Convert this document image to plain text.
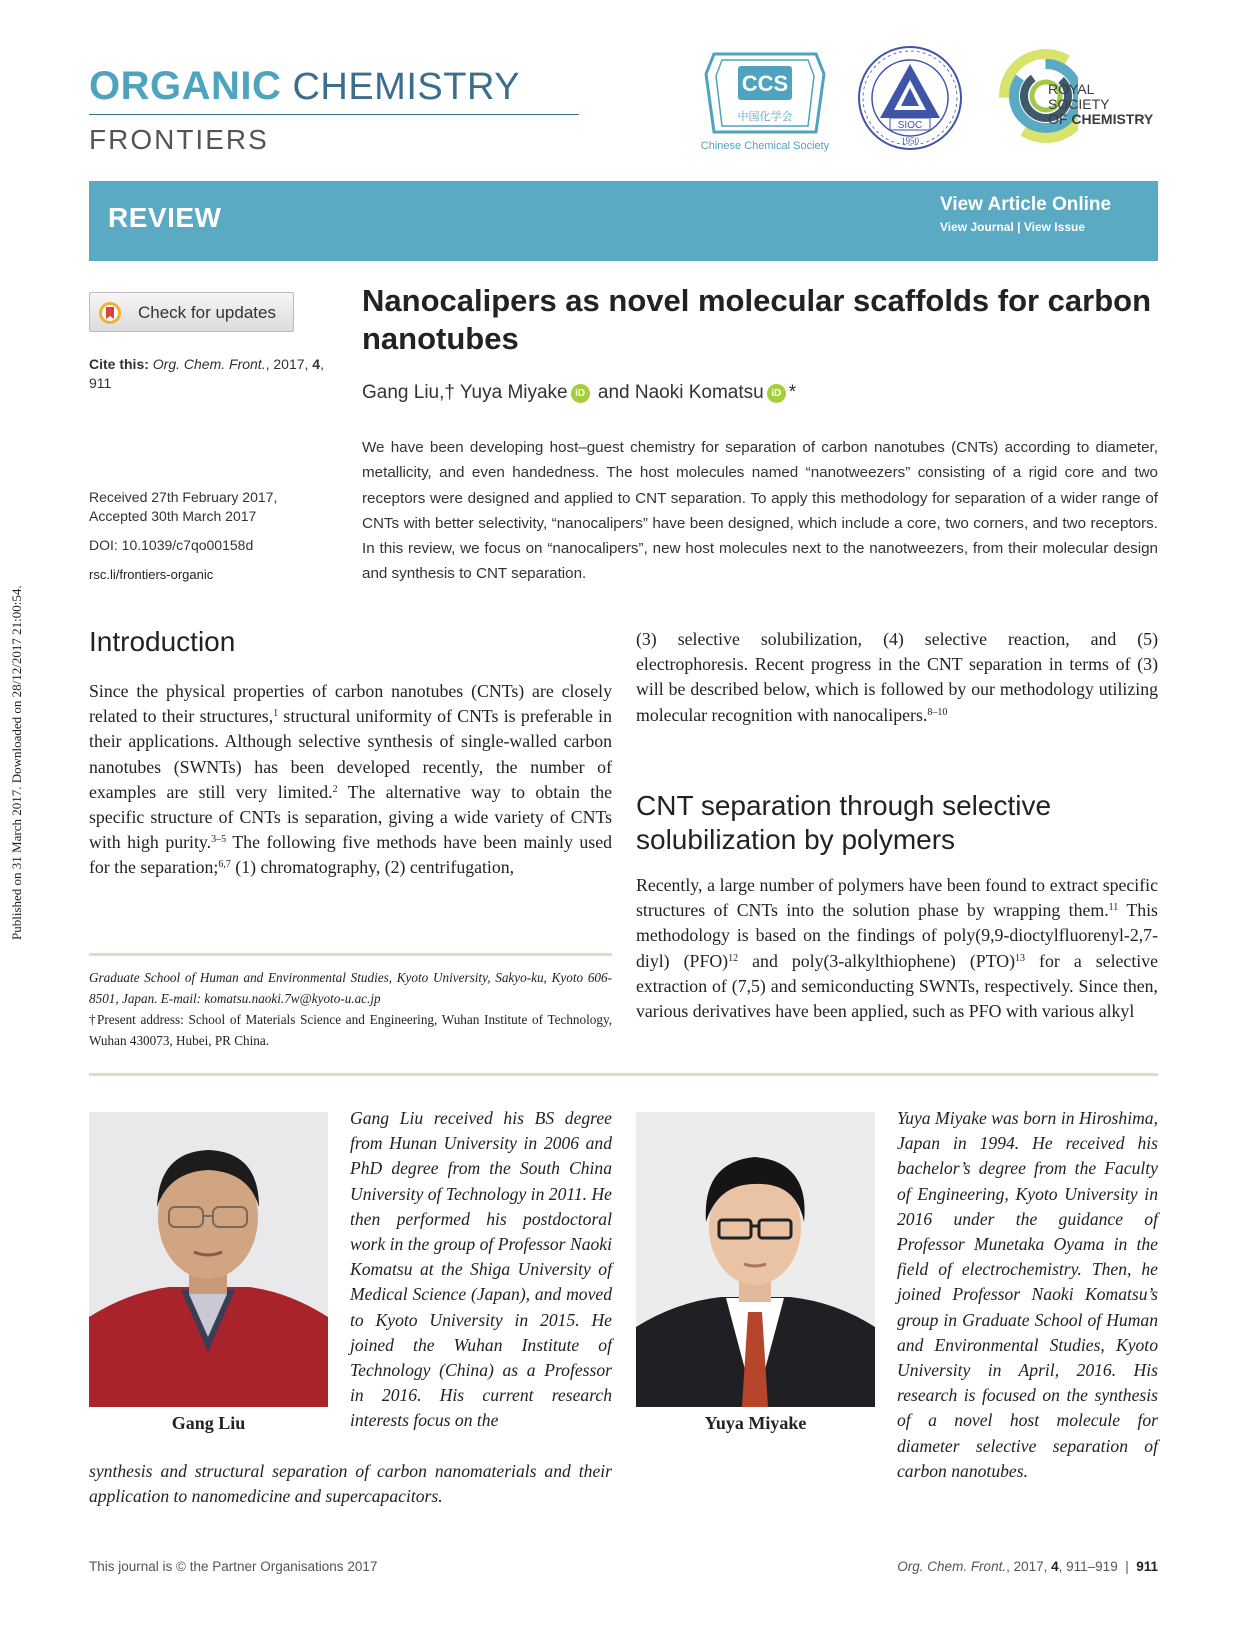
Published on 31 March 2017. Downloaded on 28/12/2017 21:00:54.
ORGANIC CHEMISTRY
FRONTIERS
CCS
中国化学会
Chinese Chemical Society
SIOC
1950
ROYAL SOCIETY
OF CHEMISTRY
REVIEW	View Article Online
View Journal | View Issue
Check for updates
Cite this: Org. Chem. Front., 2017, 4, 911
Received 27th February 2017,
Accepted 30th March 2017
DOI: 10.1039/c7qo00158d
rsc.li/frontiers-organic
Nanocalipers as novel molecular scaffolds for carbon nanotubes
Gang Liu,† Yuya Miyake iD and Naoki Komatsu iD *
We have been developing host–guest chemistry for separation of carbon nanotubes (CNTs) according to diameter, metallicity, and even handedness. The host molecules named “nanotweezers” consisting of a rigid core and two receptors were designed and applied to CNT separation. To apply this methodology for separation of a wider range of CNTs with better selectivity, “nanocalipers” have been designed, which include a core, two corners, and two receptors. In this review, we focus on “nanocalipers”, new host molecules next to the nanotweezers, from their molecular design and synthesis to CNT separation.
Introduction
Since the physical properties of carbon nanotubes (CNTs) are closely related to their structures,$^1$ structural uniformity of CNTs is preferable in their applications. Although selective synthesis of single-walled carbon nanotubes (SWNTs) has been developed recently, the number of examples are still very limited.$^2$ The alternative way to obtain the specific structure of CNTs is separation, giving a wide variety of CNTs with high purity.$^{3-5}$ The following five methods have been mainly used for the separation;$^{6,7}$ (1) chromatography, (2) centrifugation,
(3) selective solubilization, (4) selective reaction, and (5) electrophoresis. Recent progress in the CNT separation in terms of (3) will be described below, which is followed by our methodology utilizing molecular recognition with nanocalipers.$^{8-10}$
CNT separation through selective solubilization by polymers
Recently, a large number of polymers have been found to extract specific structures of CNTs into the solution phase by wrapping them.$^{11}$ This methodology is based on the findings of poly(9,9-dioctylfluorenyl-2,7-diyl) (PFO)$^{12}$ and poly(3-alkylthiophene) (PTO)$^{13}$ for a selective extraction of (7,5) and semiconducting SWNTs, respectively. Since then, various derivatives have been applied, such as PFO with various alkyl
Graduate School of Human and Environmental Studies, Kyoto University, Sakyo-ku, Kyoto 606-8501, Japan. E-mail: komatsu.naoki.7w@kyoto-u.ac.jp
†Present address: School of Materials Science and Engineering, Wuhan Institute of Technology, Wuhan 430073, Hubei, PR China.
Gang Liu
Gang Liu received his BS degree from Hunan University in 2006 and PhD degree from the South China University of Technology in 2011. He then performed his postdoctoral work in the group of Professor Naoki Komatsu at the Shiga University of Medical Science (Japan), and moved to Kyoto University in 2015. He joined the Wuhan Institute of Technology (China) as a Professor in 2016. His current research interests focus on the
synthesis and structural separation of carbon nanomaterials and their application to nanomedicine and supercapacitors.
Yuya Miyake
Yuya Miyake was born in Hiroshima, Japan in 1994. He received his bachelor’s degree from the Faculty of Engineering, Kyoto University in 2016 under the guidance of Professor Munetaka Oyama in the field of electrochemistry. Then, he joined Professor Naoki Komatsu’s group in Graduate School of Human and Environmental Studies, Kyoto University in April, 2016. His research is focused on the synthesis of a novel host molecule for diameter selective separation of carbon nanotubes.
This journal is © the Partner Organisations 2017	Org. Chem. Front., 2017, 4, 911–919  |  911
